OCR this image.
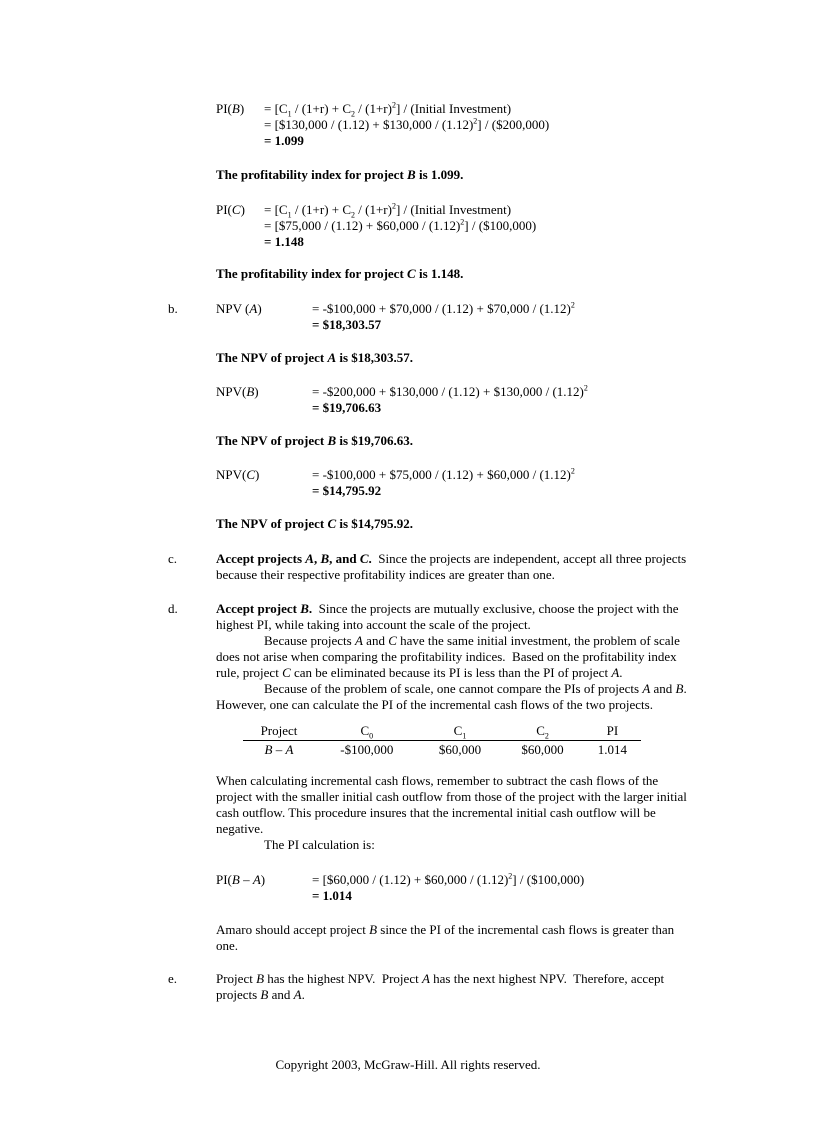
$PI(B) = [C_1 / (1+r) + C_2 / (1+r)^2]$ / (Initial Investment)
= [$130,000 / (1.12) + $130,000 / $(1.12)^2$] / ($200,000)
= 1.099
The profitability index for project B is 1.099.
$PI(C) = [C_1 / (1+r) + C_2 / (1+r)^2]$ / (Initial Investment)
= [$75,000 / (1.12) + $60,000 / $(1.12)^2$] / ($100,000)
= 1.148
The profitability index for project C is 1.148.
b.	NPV (A)	= -$100,000 + $70,000 / (1.12) + $70,000 / $(1.12)^2$
= $18,303.57
The NPV of project A is $18,303.57.
NPV(B)	= -$200,000 + $130,000 / (1.12) + $130,000 / $(1.12)^2$
= $19,706.63
The NPV of project B is $19,706.63.
NPV(C)	= -$100,000 + $75,000 / (1.12) + $60,000 / $(1.12)^2$
= $14,795.92
The NPV of project C is $14,795.92.
c.	Accept projects A, B, and C.  Since the projects are independent, accept all three projects because their respective profitability indices are greater than one.
d.	Accept project B.  Since the projects are mutually exclusive, choose the project with the highest PI, while taking into account the scale of the project.
Because projects A and C have the same initial investment, the problem of scale does not arise when comparing the profitability indices.  Based on the profitability index rule, project C can be eliminated because its PI is less than the PI of project A.
Because of the problem of scale, one cannot compare the PIs of projects A and B.  However, one can calculate the PI of the incremental cash flows of the two projects.
Project	$C_0$	$C_1$	$C_2$	PI
B – A	-$100,000	$60,000	$60,000	1.014
When calculating incremental cash flows, remember to subtract the cash flows of the project with the smaller initial cash outflow from those of the project with the larger initial cash outflow. This procedure insures that the incremental initial cash outflow will be negative.
The PI calculation is:
PI(B – A)	= [$60,000 / (1.12) + $60,000 / $(1.12)^2$] / ($100,000)
= 1.014
Amaro should accept project B since the PI of the incremental cash flows is greater than one.
e.	Project B has the highest NPV.  Project A has the next highest NPV.  Therefore, accept projects B and A.
Copyright 2003, McGraw-Hill. All rights reserved.
